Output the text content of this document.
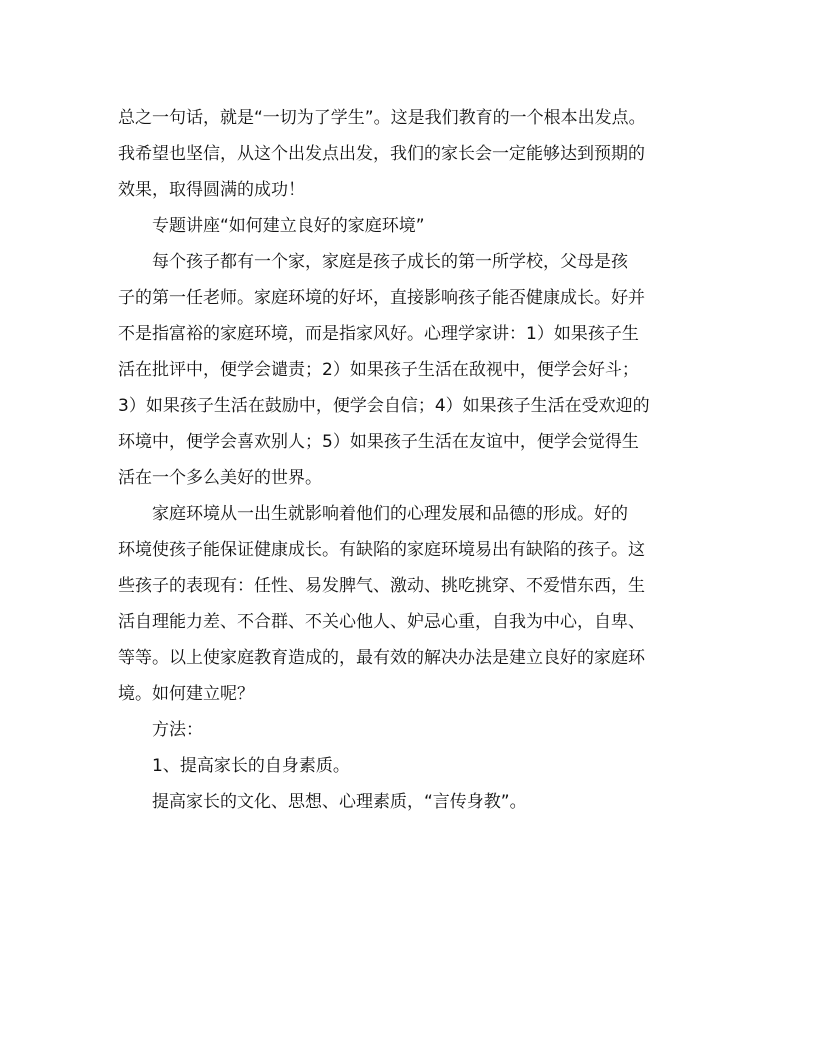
总之一句话，就是“一切为了学生”。这是我们教育的一个根本出发点。
我希望也坚信，从这个出发点出发，我们的家长会一定能够达到预期的
效果，取得圆满的成功！
专题讲座“如何建立良好的家庭环境”
每个孩子都有一个家，家庭是孩子成长的第一所学校，父母是孩
子的第一任老师。家庭环境的好坏，直接影响孩子能否健康成长。好并
不是指富裕的家庭环境，而是指家风好。心理学家讲：1）如果孩子生
活在批评中，便学会谴责；2）如果孩子生活在敌视中，便学会好斗；
3）如果孩子生活在鼓励中，便学会自信；4）如果孩子生活在受欢迎的
环境中，便学会喜欢别人；5）如果孩子生活在友谊中，便学会觉得生
活在一个多么美好的世界。
家庭环境从一出生就影响着他们的心理发展和品德的形成。好的
环境使孩子能保证健康成长。有缺陷的家庭环境易出有缺陷的孩子。这
些孩子的表现有：任性、易发脾气、激动、挑吃挑穿、不爱惜东西，生
活自理能力差、不合群、不关心他人、妒忌心重，自我为中心，自卑、
等等。以上使家庭教育造成的，最有效的解决办法是建立良好的家庭环
境。如何建立呢？
方法：
1、提高家长的自身素质。
提高家长的文化、思想、心理素质，“言传身教”。
